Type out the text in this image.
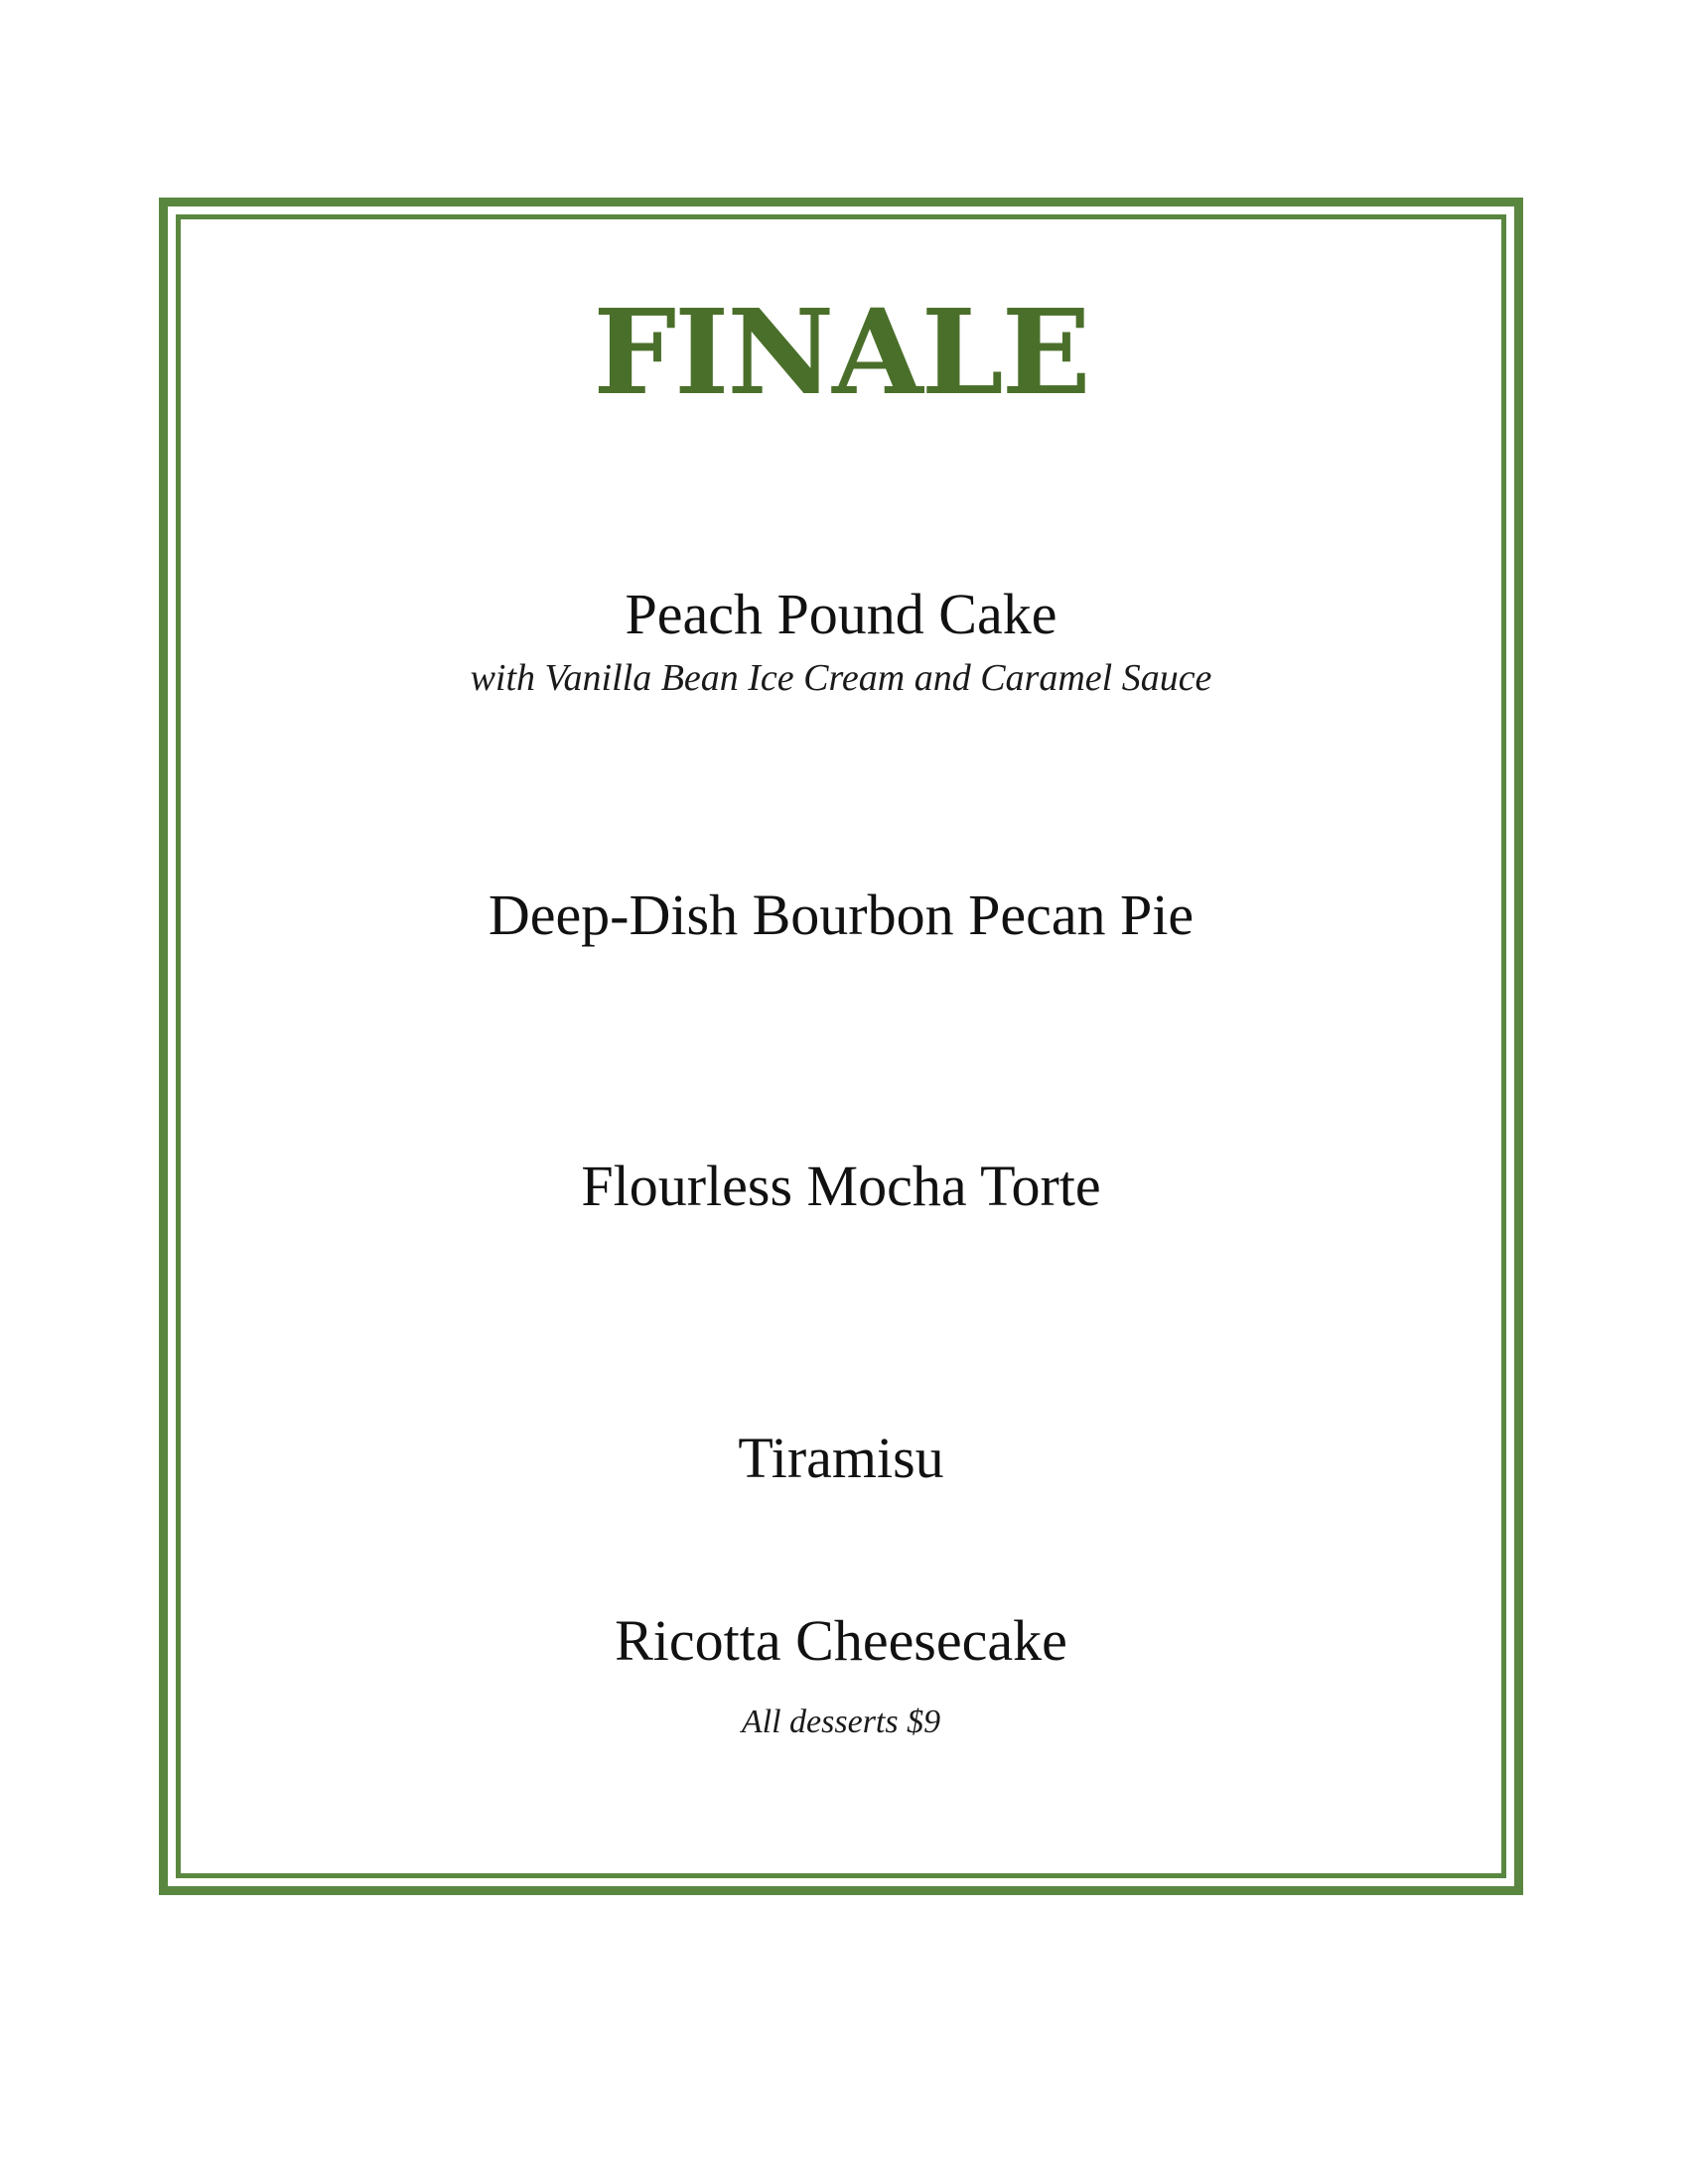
FINALE
Peach Pound Cake
with Vanilla Bean Ice Cream and Caramel Sauce
Deep-Dish Bourbon Pecan Pie
Flourless Mocha Torte
Tiramisu
Ricotta Cheesecake
All desserts $9
